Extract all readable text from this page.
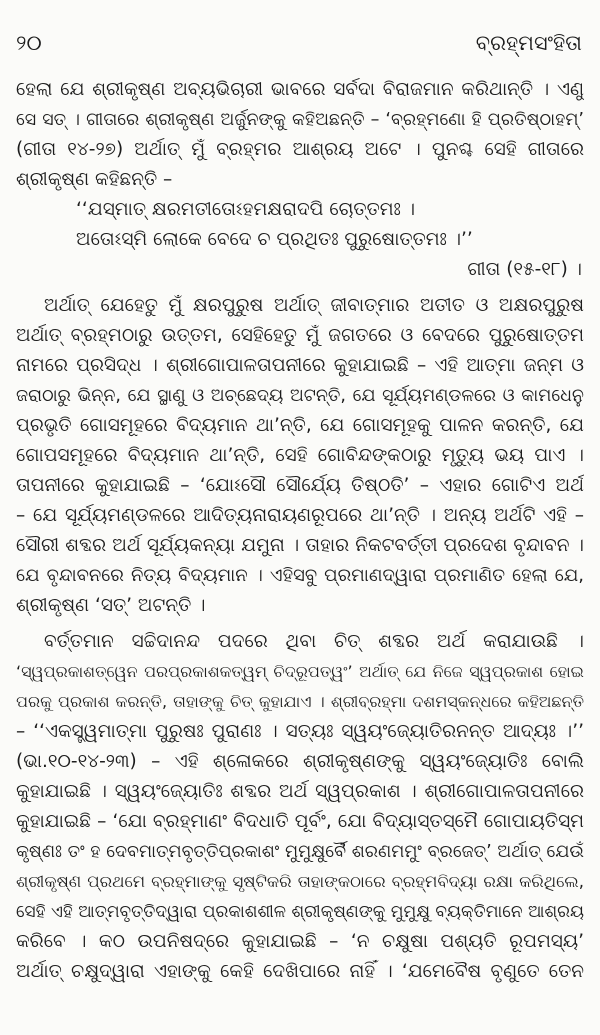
୨୦	ବ୍ରହ୍ମସଂହିତା
ହେଲା ଯେ ଶ୍ରୀକୃଷ୍ଣ ଅବ୍ୟଭିଚାରୀ ଭାବରେ ସର୍ବଦା ବିରାଜମାନ କରିଥାନ୍ତି । ଏଣୁ
ସେ ସତ୍ । ଗୀତାରେ ଶ୍ରୀକୃଷ୍ଣ ଅର୍ଜୁନଙ୍କୁ କହିଅଛନ୍ତି – ‘ବ୍ରହ୍ମଣୋ ହି ପ୍ରତିଷ୍ଠାହମ୍’
(ଗୀତା ୧୪-୨୭) ଅର୍ଥାତ୍ ମୁଁ ବ୍ରହ୍ମର ଆଶ୍ରୟ ଅଟେ । ପୁନଶ୍ଚ ସେହି ଗୀତାରେ
ଶ୍ରୀକୃଷ୍ଣ କହିଛନ୍ତି –
‘‘ଯସ୍ମାତ୍ କ୍ଷରମତୀତୋଽହମକ୍ଷରାଦପି ଚୋତ୍ତମଃ ।
ଅତୋଽସ୍ମି ଲୋକେ ବେଦେ ଚ ପ୍ରଥିତଃ ପୁରୁଷୋତ୍ତମଃ ।’’
ଗୀତା (୧୫-୧୮) ।
ଅର୍ଥାତ୍ ଯେହେତୁ ମୁଁ କ୍ଷରପୁରୁଷ ଅର୍ଥାତ୍ ଜୀବାତ୍ମାର ଅତୀତ ଓ ଅକ୍ଷରପୁରୁଷ
ଅର୍ଥାତ୍ ବ୍ରହ୍ମଠାରୁ ଉତ୍ତମ, ସେହିହେତୁ ମୁଁ ଜଗତରେ ଓ ବେଦରେ ପୁରୁଷୋତ୍ତମ
ନାମରେ ପ୍ରସିଦ୍ଧ । ଶ୍ରୀଗୋପାଳତାପନୀରେ କୁହାଯାଇଛି – ଏହି ଆତ୍ମା ଜନ୍ମ ଓ
ଜରାଠାରୁ ଭିନ୍ନ, ଯେ ସ୍ଥାଣୁ ଓ ଅଚ୍ଛେଦ୍ୟ ଅଟନ୍ତି, ଯେ ସୂର୍ଯ୍ୟମଣ୍ଡଳରେ ଓ କାମଧେନୁ
ପ୍ରଭୃତି ଗୋସମୂହରେ ବିଦ୍ୟମାନ ଥା’ନ୍ତି, ଯେ ଗୋସମୂହକୁ ପାଳନ କରନ୍ତି, ଯେ
ଗୋପସମୂହରେ ବିଦ୍ୟମାନ ଥା’ନ୍ତି, ସେହି ଗୋବିନ୍ଦଙ୍କଠାରୁ ମୃତ୍ୟୁ ଭୟ ପାଏ ।
ତାପନୀରେ କୁହାଯାଇଛି – ‘ଯୋଽସୌ ସୌର୍ଯ୍ୟେ ତିଷ୍ଠତି’ – ଏହାର ଗୋଟିଏ ଅର୍ଥ
– ଯେ ସୂର୍ଯ୍ୟମଣ୍ଡଳରେ ଆଦିତ୍ୟନାରାୟଣରୂପରେ ଥା’ନ୍ତି । ଅନ୍ୟ ଅର୍ଥଟି ଏହି –
ସୌରୀ ଶବ୍ଦର ଅର୍ଥ ସୂର୍ଯ୍ୟକନ୍ୟା ଯମୁନା । ତାହାର ନିକଟବର୍ତ୍ତୀ ପ୍ରଦେଶ ବୃନ୍ଦାବନ ।
ଯେ ବୃନ୍ଦାବନରେ ନିତ୍ୟ ବିଦ୍ୟମାନ । ଏହିସବୁ ପ୍ରମାଣଦ୍ୱାରା ପ୍ରମାଣିତ ହେଲା ଯେ,
ଶ୍ରୀକୃଷ୍ଣ ‘ସତ୍’ ଅଟନ୍ତି ।
ବର୍ତ୍ତମାନ ସଚ୍ଚିଦାନନ୍ଦ ପଦରେ ଥିବା ଚିତ୍ ଶବ୍ଦର ଅର୍ଥ କରାଯାଉଛି ।
‘ସ୍ୱପ୍ରକାଶତ୍ୱେନ ପରପ୍ରକାଶକତ୍ୱମ୍ ଚିଦ୍ରୂପତ୍ୱଂ’ ଅର୍ଥାତ୍ ଯେ ନିଜେ ସ୍ୱପ୍ରକାଶ ହୋଇ
ପରକୁ ପ୍ରକାଶ କରନ୍ତି, ତାହାଙ୍କୁ ଚିତ୍ କୁହାଯାଏ । ଶ୍ରୀବ୍ରହ୍ମା ଦଶମସ୍କନ୍ଧରେ କହିଅଛନ୍ତି
– ‘‘ଏକସ୍ତ୍ୱମାତ୍ମା ପୁରୁଷଃ ପୁରାଣଃ । ସତ୍ୟଃ ସ୍ୱୟଂଜ୍ୟୋତିରନନ୍ତ ଆଦ୍ୟଃ ।’’
(ଭା.୧୦-୧୪-୨୩) – ଏହି ଶ୍ଳୋକରେ ଶ୍ରୀକୃଷ୍ଣଙ୍କୁ ସ୍ୱୟଂଜ୍ୟୋତିଃ ବୋଲି
କୁହାଯାଇଛି । ସ୍ୱୟଂଜ୍ୟୋତିଃ ଶବ୍ଦର ଅର୍ଥ ସ୍ୱପ୍ରକାଶ । ଶ୍ରୀଗୋପାଳତାପନୀରେ
କୁହାଯାଇଛି – ‘ଯୋ ବ୍ରହ୍ମାଣଂ ବିଦଧାତି ପୂର୍ବଂ, ଯୋ ବିଦ୍ୟାସ୍ତସ୍ମୈ ଗୋପାୟତିସ୍ମ
କୃଷ୍ଣଃ ତଂ ହ ଦେବମାତ୍ମବୃତ୍ତିପ୍ରକାଶଂ ମୁମୁକ୍ଷୁର୍ବୈ ଶରଣମମୁଂ ବ୍ରଜେତ୍’ ଅର୍ଥାତ୍ ଯେଉଁ
ଶ୍ରୀକୃଷ୍ଣ ପ୍ରଥମେ ବ୍ରହ୍ମାଙ୍କୁ ସୃଷ୍ଟିକରି ତାହାଙ୍କଠାରେ ବ୍ରହ୍ମବିଦ୍ୟା ରକ୍ଷା କରିଥିଲେ,
ସେହି ଏହି ଆତ୍ମବୃତ୍ତିଦ୍ୱାରା ପ୍ରକାଶଶୀଳ ଶ୍ରୀକୃଷ୍ଣଙ୍କୁ ମୁମୁକ୍ଷୁ ବ୍ୟକ୍ତିମାନେ ଆଶ୍ରୟ
କରିବେ । କଠ ଉପନିଷଦ୍‌ରେ କୁହାଯାଇଛି – ‘ନ ଚକ୍ଷୁଷା ପଶ୍ୟତି ରୂପମସ୍ୟ’
ଅର୍ଥାତ୍ ଚକ୍ଷୁଦ୍ୱାରା ଏହାଙ୍କୁ କେହି ଦେଖିପାରେ ନାହିଁ । ‘ଯମେବୈଷ ବୃଣୁତେ ତେନ
